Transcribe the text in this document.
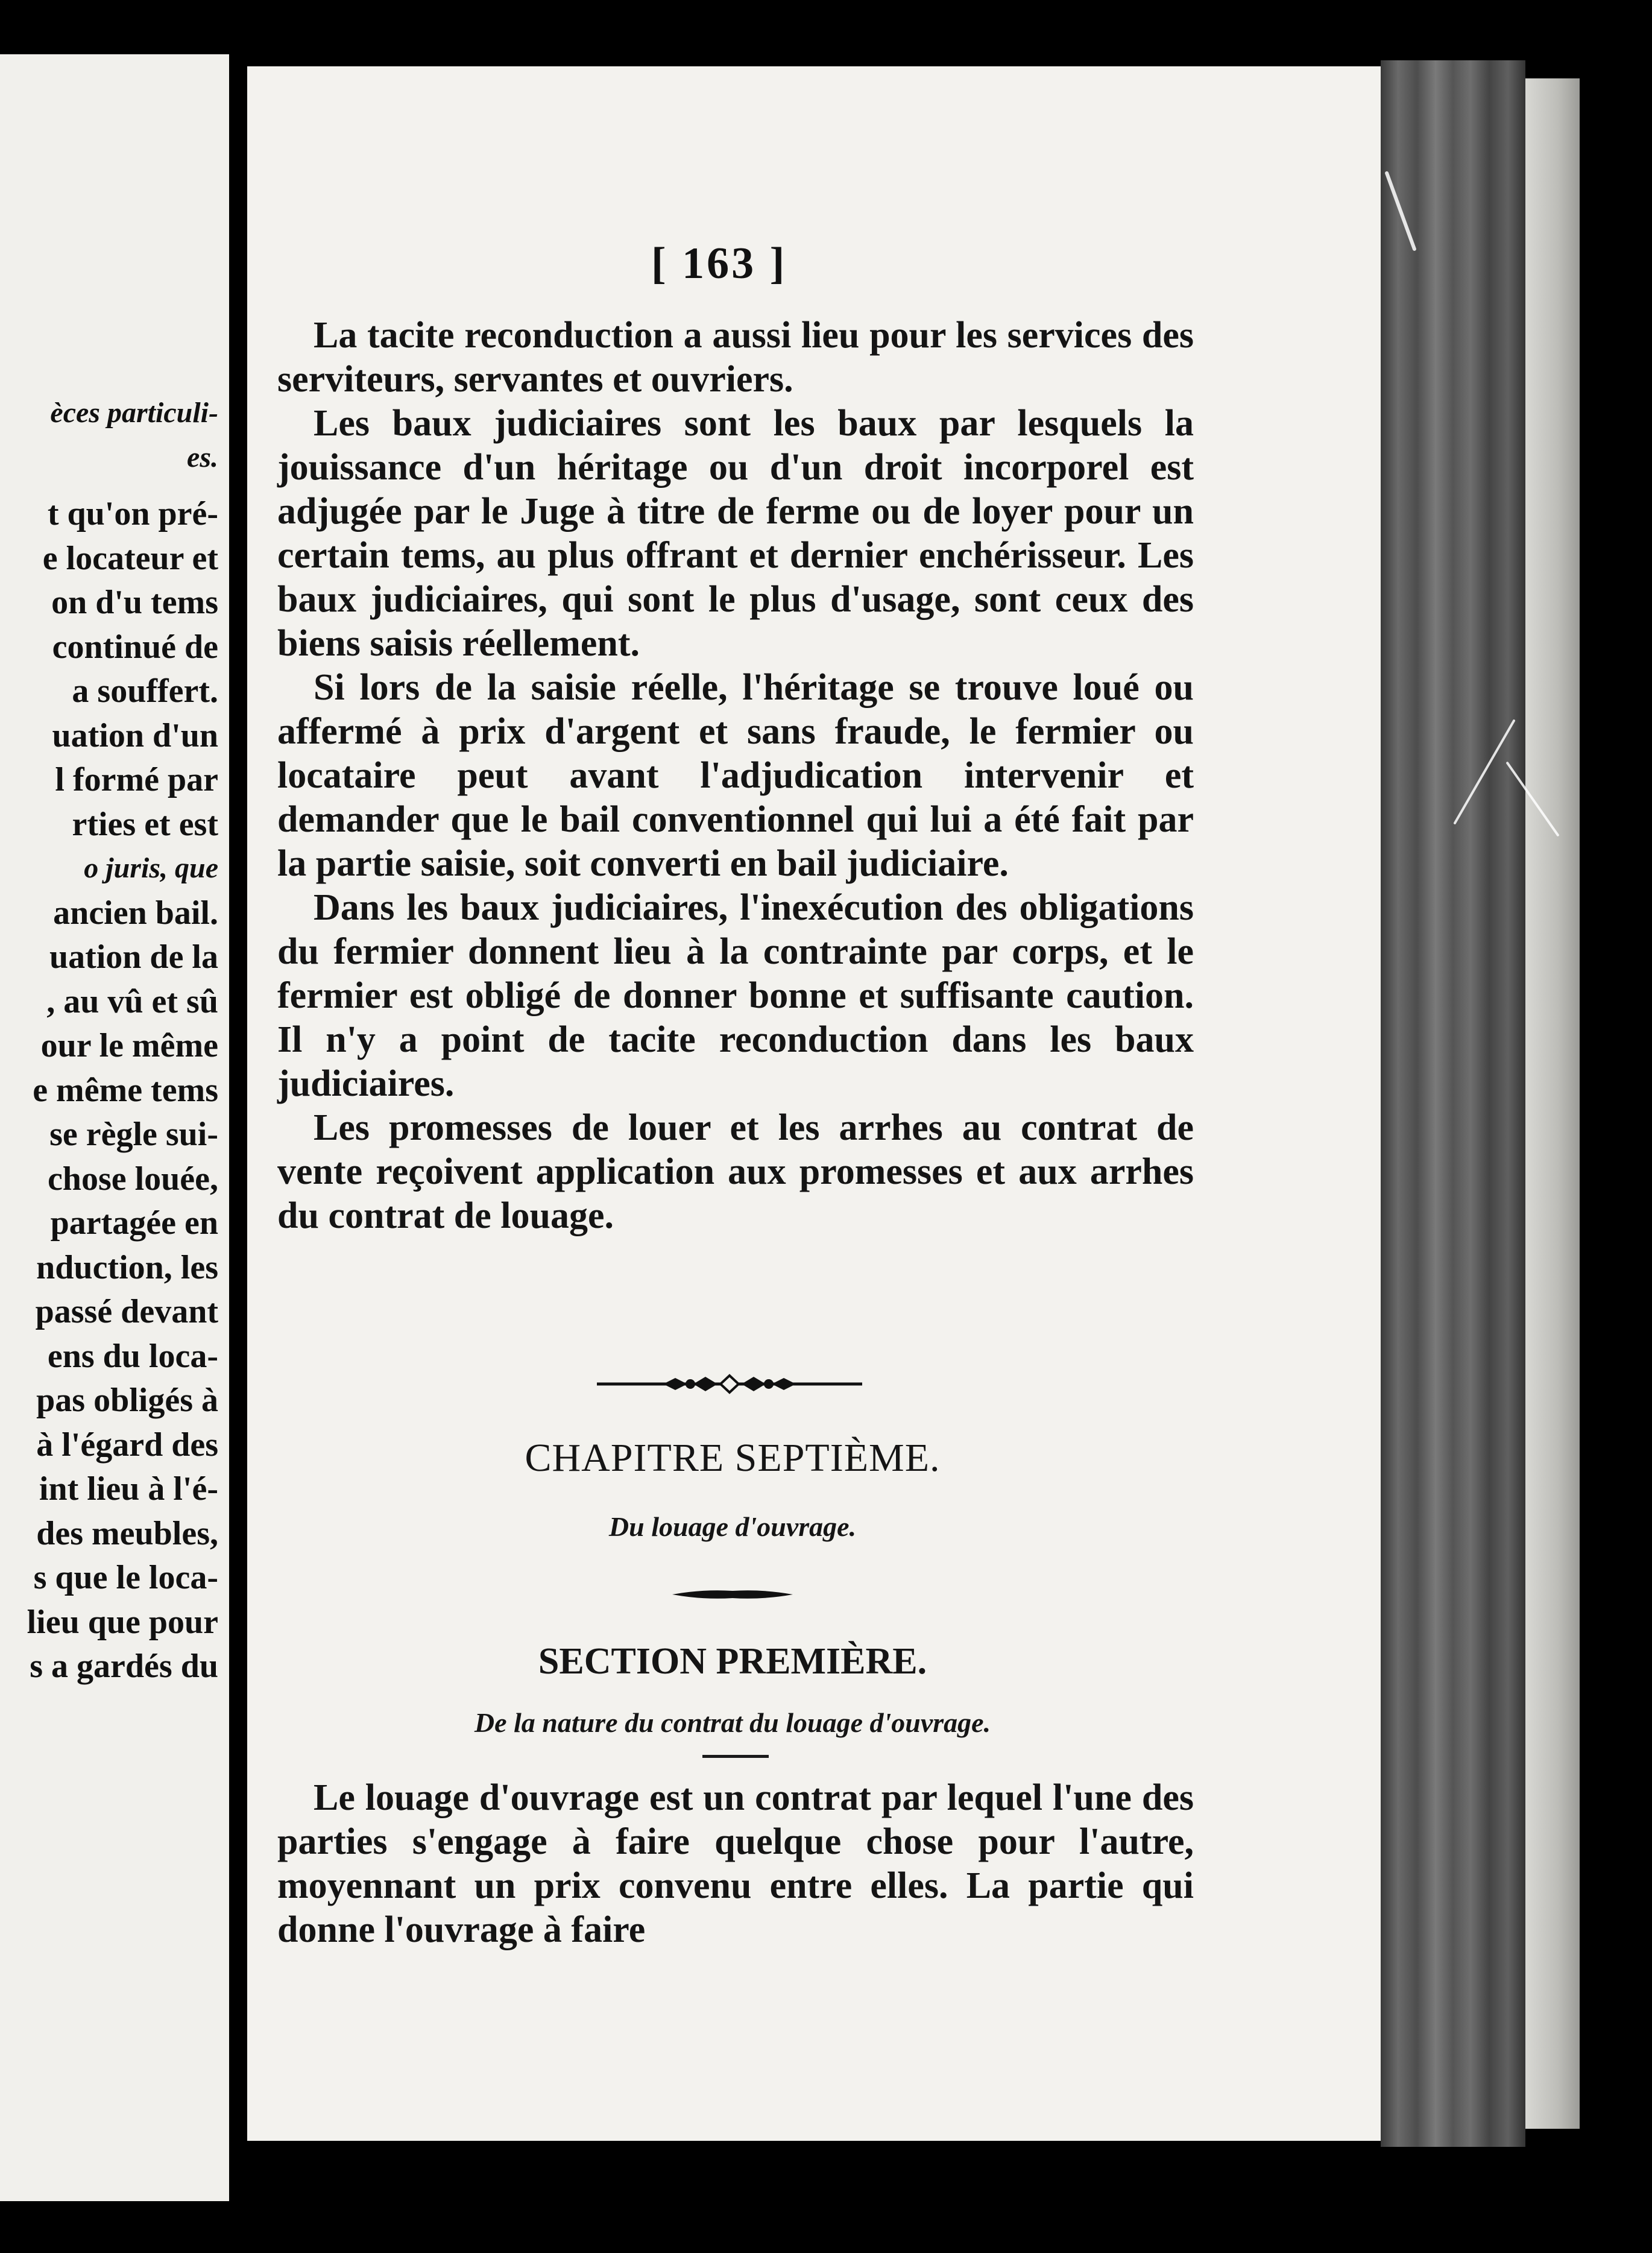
èces particuli-
es.
t qu'on pré-
e locateur et
on d'u tems
continué de
a souffert.
uation d'un
l formé par
rties et est
o juris, que
ancien bail.
uation de la
, au vû et sû
our le même
e même tems
se règle sui-
chose louée,
partagée en
nduction, les
passé devant
ens du loca-
pas obligés à
à l'égard des
int lieu à l'é-
des meubles,
s que le loca-
lieu que pour
s a gardés du
[ 163 ]

La tacite reconduction a aussi lieu pour les services des serviteurs, servantes et ouvriers.

Les baux judiciaires sont les baux par lesquels la jouissance d'un héritage ou d'un droit incorporel est adjugée par le Juge à titre de ferme ou de loyer pour un certain tems, au plus offrant et dernier enchérisseur. Les baux judiciaires, qui sont le plus d'usage, sont ceux des biens saisis réellement.

Si lors de la saisie réelle, l'héritage se trouve loué ou affermé à prix d'argent et sans fraude, le fermier ou locataire peut avant l'adjudication intervenir et demander que le bail conventionnel qui lui a été fait par la partie saisie, soit converti en bail judiciaire.

Dans les baux judiciaires, l'inexécution des obligations du fermier donnent lieu à la contrainte par corps, et le fermier est obligé de donner bonne et suffisante caution. Il n'y a point de tacite reconduction dans les baux judiciaires.

Les promesses de louer et les arrhes au contrat de vente reçoivent application aux promesses et aux arrhes du contrat de louage.

CHAPITRE SEPTIÈME.
Du louage d'ouvrage.
SECTION PREMIÈRE.
De la nature du contrat du louage d'ouvrage.

Le louage d'ouvrage est un contrat par lequel l'une des parties s'engage à faire quelque chose pour l'autre, moyennant un prix convenu entre elles. La partie qui donne l'ouvrage à faire
